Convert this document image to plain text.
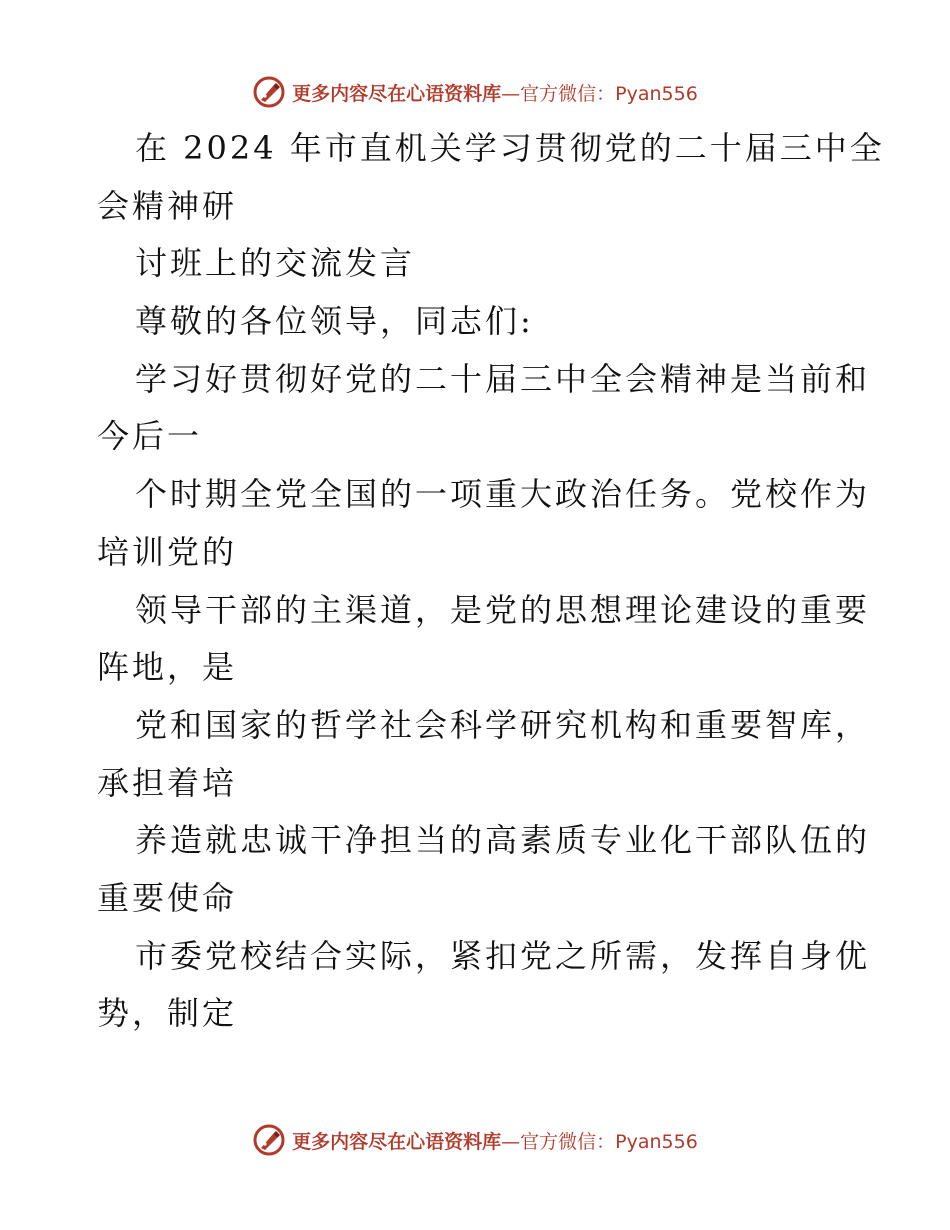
更多内容尽在心语资料库—官方微信：Pyan556
在 2024 年市直机关学习贯彻党的二十届三中全
会精神研
讨班上的交流发言
尊敬的各位领导，同志们:
学习好贯彻好党的二十届三中全会精神是当前和
今后一
个时期全党全国的一项重大政治任务。党校作为
培训党的
领导干部的主渠道，是党的思想理论建设的重要
阵地，是
党和国家的哲学社会科学研究机构和重要智库，
承担着培
养造就忠诚干净担当的高素质专业化干部队伍的
重要使命
市委党校结合实际，紧扣党之所需，发挥自身优
势，制定
更多内容尽在心语资料库—官方微信：Pyan556
